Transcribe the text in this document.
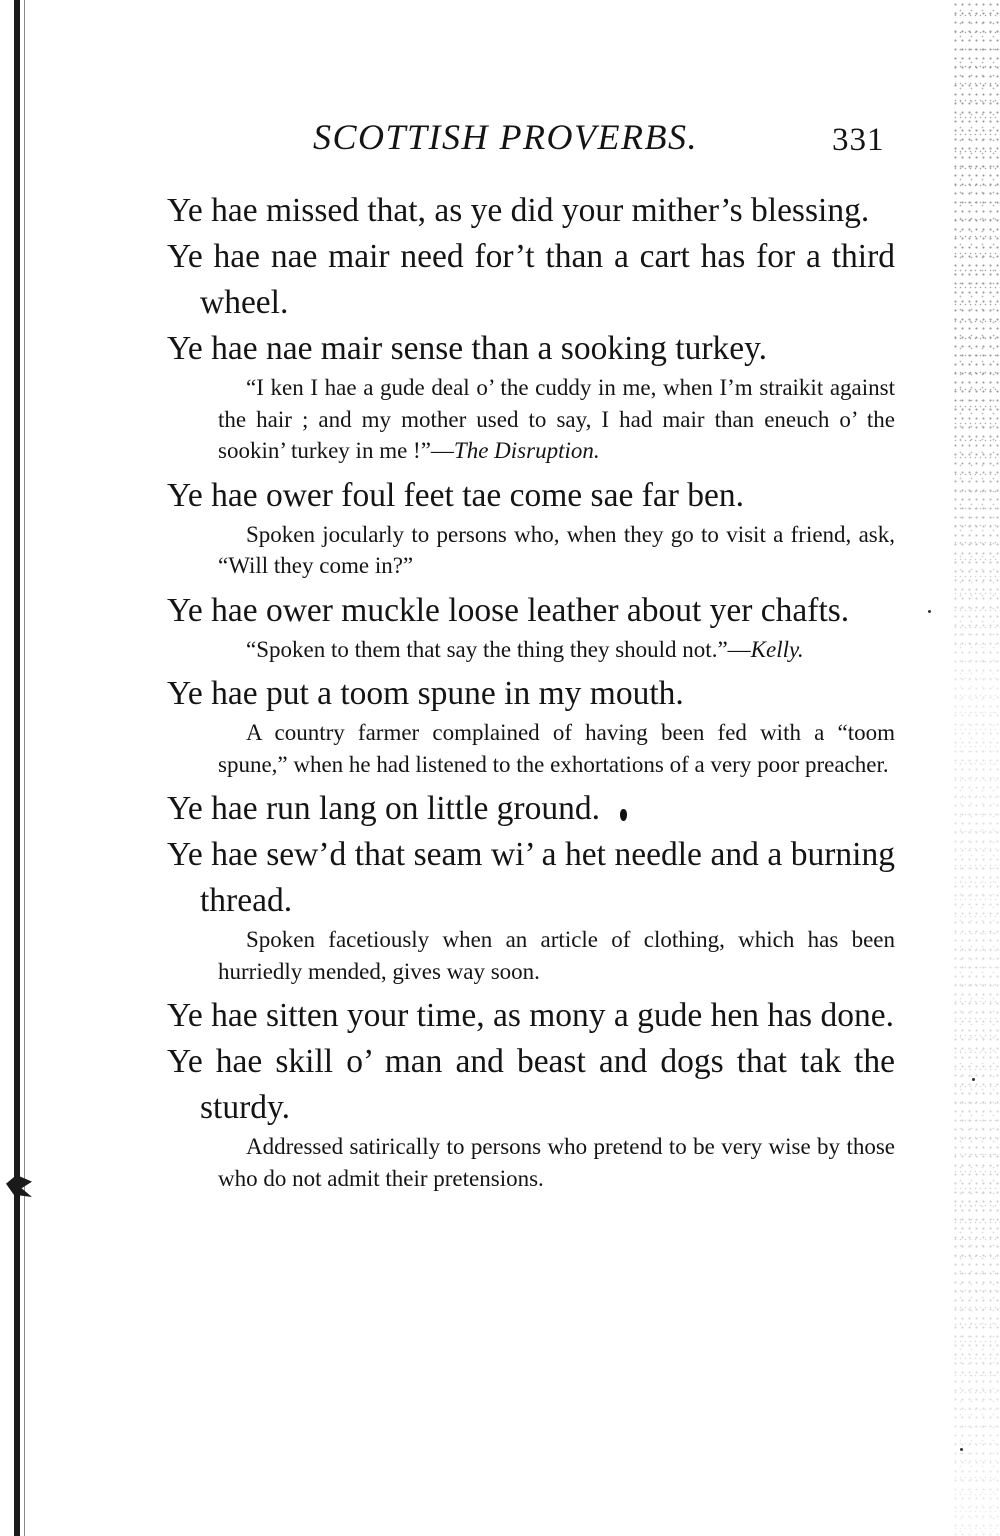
SCOTTISH PROVERBS.	331

Ye hae missed that, as ye did your mither’s blessing.

Ye hae nae mair need for’t than a cart has for a third wheel.

Ye hae nae mair sense than a sooking turkey.

“I ken I hae a gude deal o’ the cuddy in me, when I’m straikit against the hair ; and my mother used to say, I had mair than eneuch o’ the sookin’ turkey in me !”—The Disruption.

Ye hae ower foul feet tae come sae far ben.

Spoken jocularly to persons who, when they go to visit a friend, ask, “Will they come in?”

Ye hae ower muckle loose leather about yer chafts.

“Spoken to them that say the thing they should not.”—Kelly.

Ye hae put a toom spune in my mouth.

A country farmer complained of having been fed with a “toom spune,” when he had listened to the exhortations of a very poor preacher.

Ye hae run lang on little ground.

Ye hae sew’d that seam wi’ a het needle and a burning thread.

Spoken facetiously when an article of clothing, which has been hurriedly mended, gives way soon.

Ye hae sitten your time, as mony a gude hen has done.

Ye hae skill o’ man and beast and dogs that tak the sturdy.

Addressed satirically to persons who pretend to be very wise by those who do not admit their pretensions.
